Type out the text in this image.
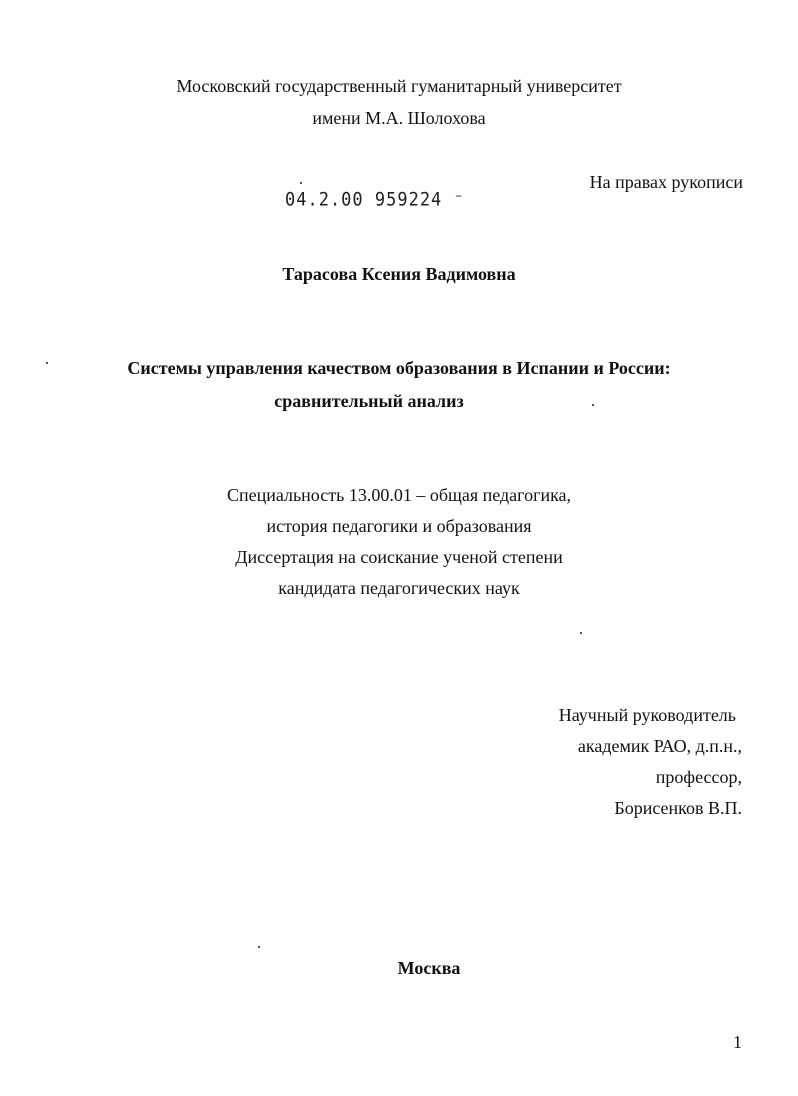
Московский государственный гуманитарный университет
имени М.А. Шолохова
На правах рукописи
04.2.00 959224 ⁻
Тарасова Ксения Вадимовна
Системы управления качеством образования в Испании и России:
сравнительный анализ
Специальность 13.00.01 – общая педагогика,
история педагогики и образования
Диссертация на соискание ученой степени
кандидата педагогических наук
Научный руководитель
академик РАО, д.п.н.,
профессор,
Борисенков В.П.
Москва
1
